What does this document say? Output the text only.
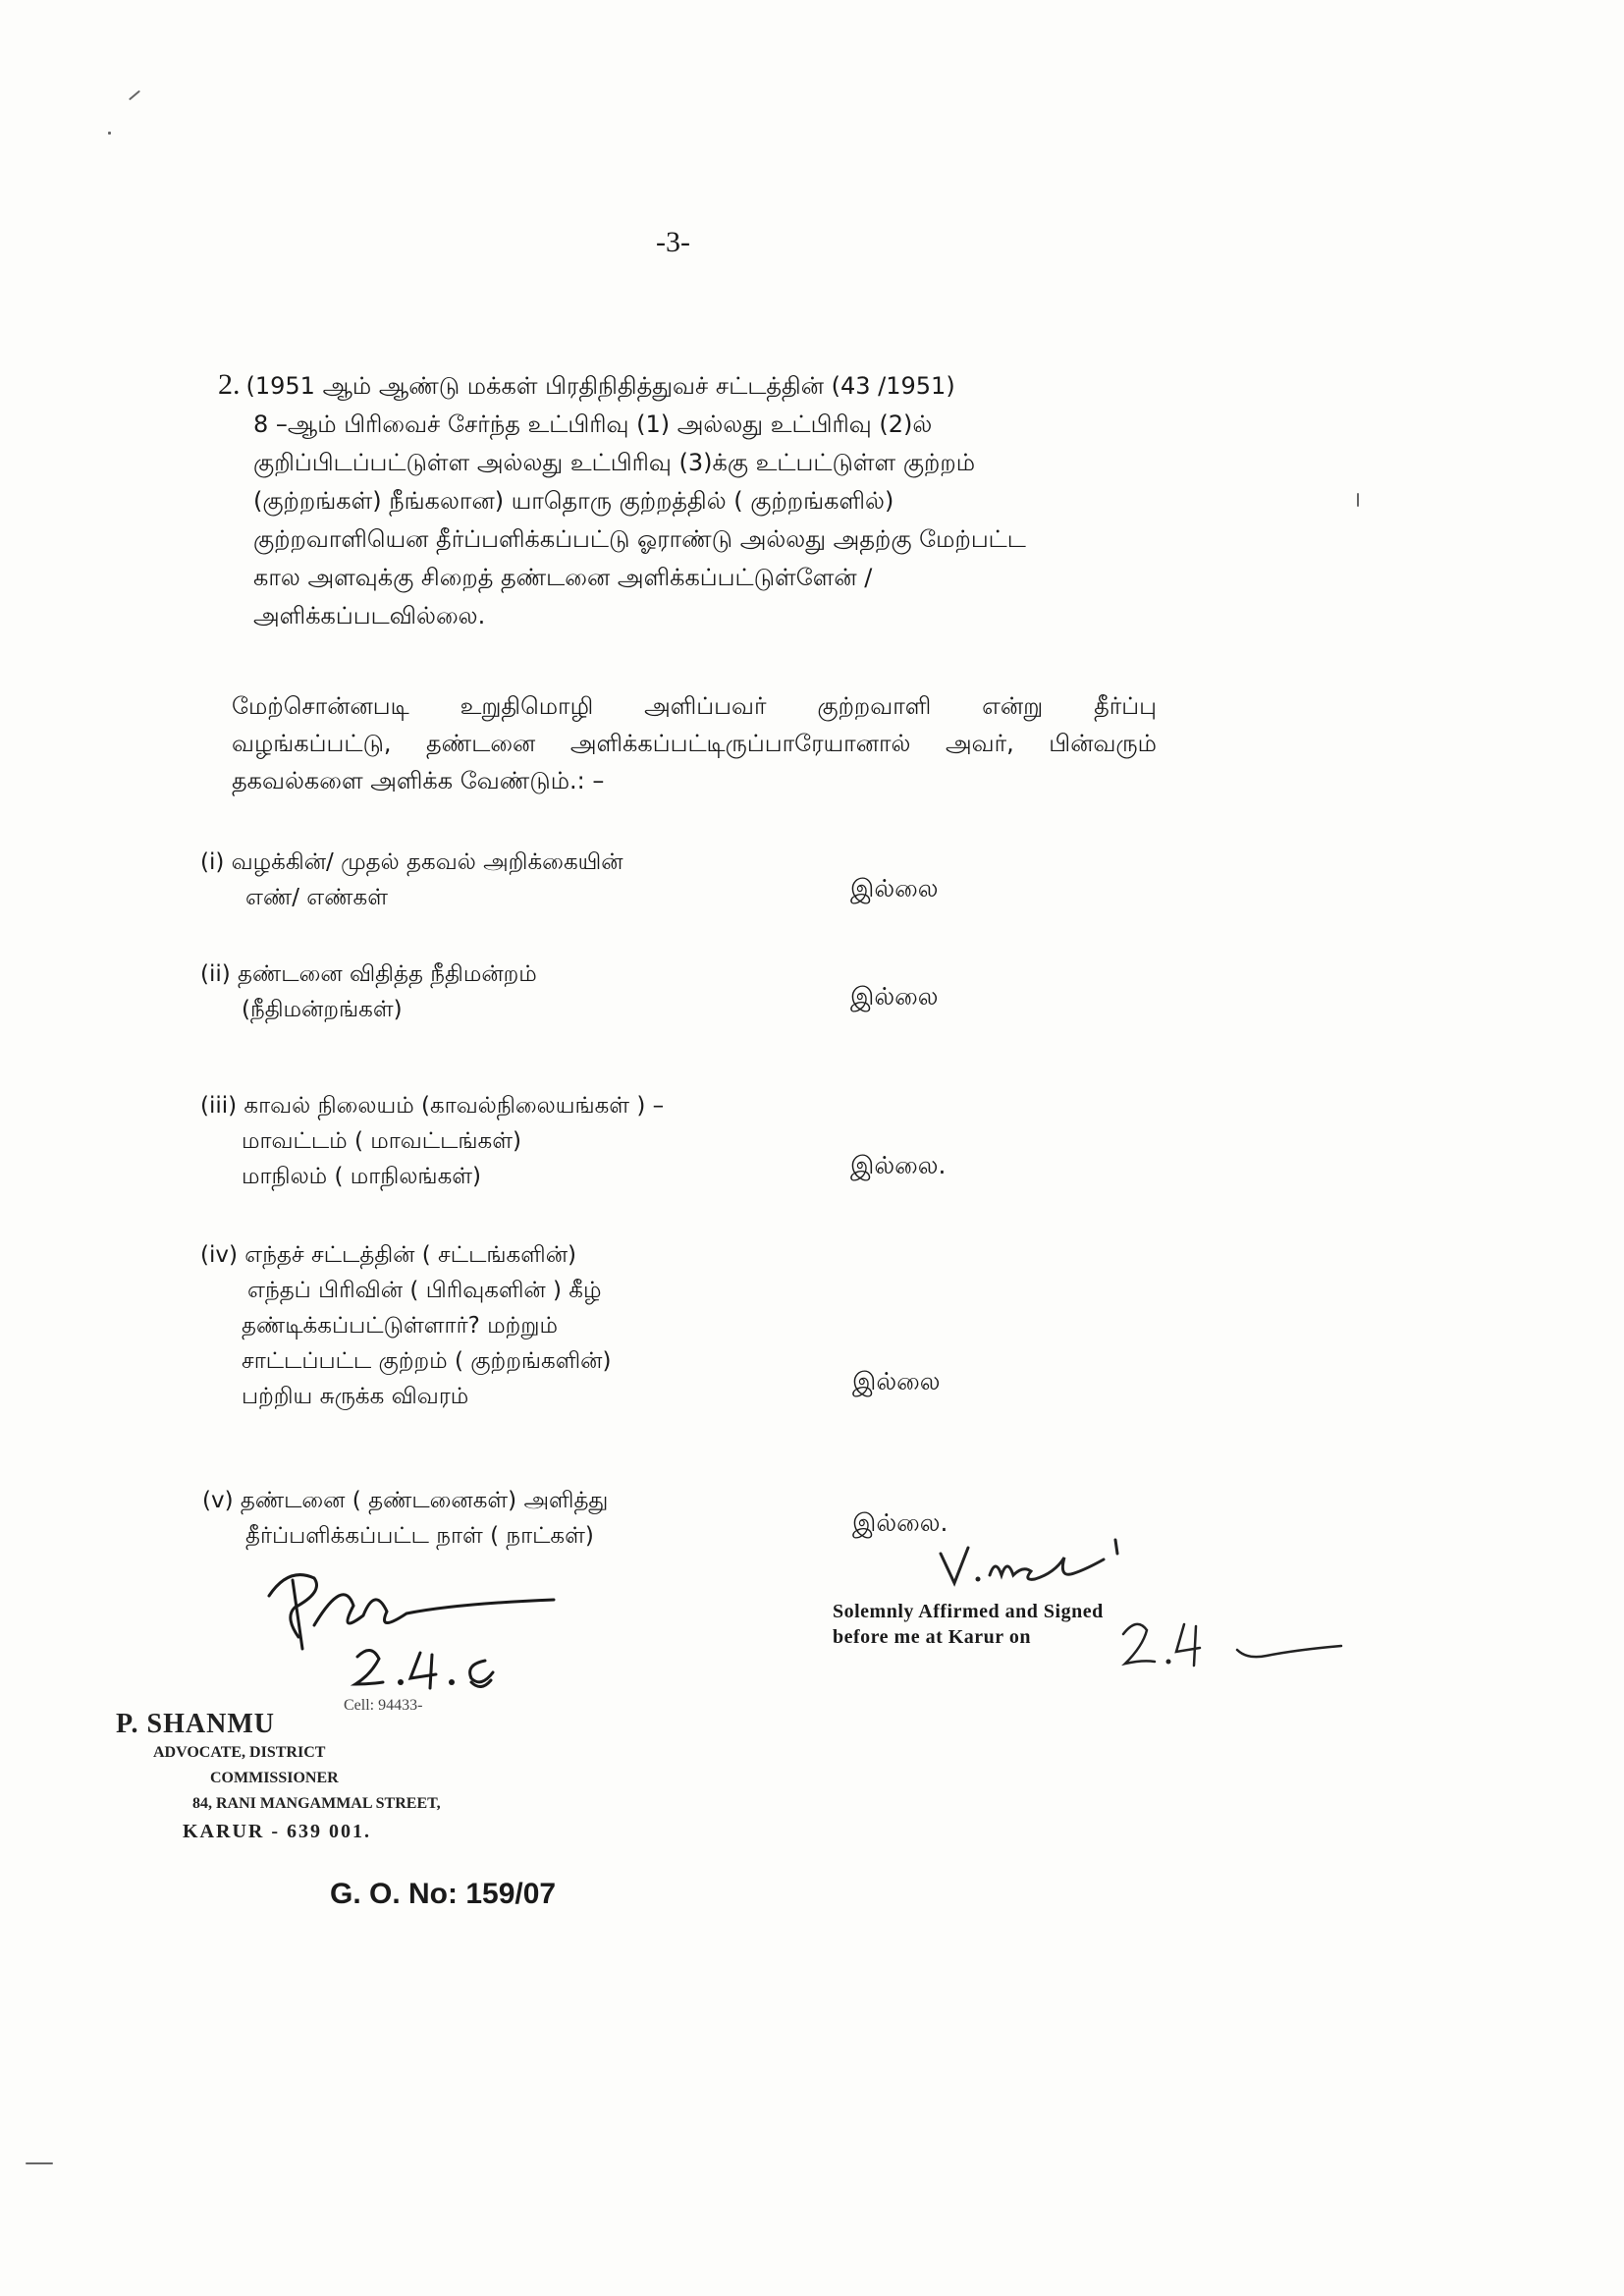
-3-
2. (1951 ஆம் ஆண்டு மக்கள் பிரதிநிதித்துவச் சட்டத்தின் (43 /1951)
8 –ஆம் பிரிவைச் சேர்ந்த உட்பிரிவு (1) அல்லது உட்பிரிவு (2)ல்
குறிப்பிடப்பட்டுள்ள அல்லது உட்பிரிவு (3)க்கு உட்பட்டுள்ள குற்றம்
(குற்றங்கள்) நீங்கலான) யாதொரு குற்றத்தில் ( குற்றங்களில்)
குற்றவாளியென தீர்ப்பளிக்கப்பட்டு ஓராண்டு அல்லது அதற்கு மேற்பட்ட
கால அளவுக்கு சிறைத் தண்டனை அளிக்கப்பட்டுள்ளேன் /
அளிக்கப்படவில்லை.
மேற்சொன்னபடி உறுதிமொழி அளிப்பவர் குற்றவாளி என்று தீர்ப்பு
வழங்கப்பட்டு, தண்டனை அளிக்கப்பட்டிருப்பாரேயானால் அவர், பின்வரும்
தகவல்களை அளிக்க வேண்டும்.: –
(i) வழக்கின்/ முதல் தகவல் அறிக்கையின்
எண்/ எண்கள்	இல்லை
(ii) தண்டனை விதித்த நீதிமன்றம்
(நீதிமன்றங்கள்)	இல்லை
(iii) காவல் நிலையம் (காவல்நிலையங்கள் ) –
மாவட்டம் ( மாவட்டங்கள்)
மாநிலம் ( மாநிலங்கள்)	இல்லை.
(iv) எந்தச் சட்டத்தின் ( சட்டங்களின்)
எந்தப் பிரிவின் ( பிரிவுகளின் ) கீழ்
தண்டிக்கப்பட்டுள்ளார்? மற்றும்
சாட்டப்பட்ட குற்றம் ( குற்றங்களின்)
பற்றிய சுருக்க விவரம்
இல்லை
(v) தண்டனை ( தண்டனைகள்) அளித்து
தீர்ப்பளிக்கப்பட்ட நாள் ( நாட்கள்)	இல்லை.
Solemnly Affirmed and Signed
before me at Karur on
Cell: 94433-
P. SHANMU
ADVOCATE, DISTRICT
COMMISSIONER
84, RANI MANGAMMAL STREET,
KARUR - 639 001.
G. O. No: 159/07
